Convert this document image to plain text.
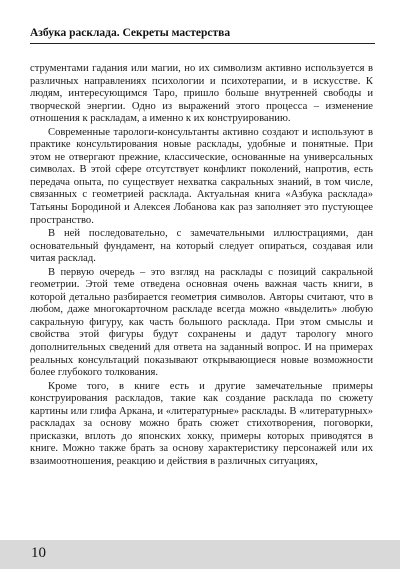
Азбука расклада. Секреты мастерства

струментами гадания или магии, но их символизм активно используется в различных направлениях психологии и психотерапии, и в искусстве. К людям, интересующимся Таро, пришло больше внутренней свободы и творческой энергии. Одно из выражений этого процесса – изменение отношения к раскладам, а именно к их конструированию.

Современные тарологи-консультанты активно создают и используют в практике консультирования новые расклады, удобные и понятные. При этом не отвергают прежние, классические, основанные на универсальных символах. В этой сфере отсутствует конфликт поколений, напротив, есть передача опыта, по существует нехватка сакральных знаний, в том числе, связанных с геометрией расклада. Актуальная книга «Азбука расклада» Татьяны Бородиной и Алексея Лобанова как раз заполняет это пустующее пространство.

В ней последовательно, с замечательными иллюстрациями, дан основательный фундамент, на который следует опираться, создавая или читая расклад.

В первую очередь – это взгляд на расклады с позиций сакральной геометрии. Этой теме отведена основная очень важная часть книги, в которой детально разбирается геометрия символов. Авторы считают, что в любом, даже многокарточном раскладе всегда можно «выделить» любую сакральную фигуру, как часть большого расклада. При этом смыслы и свойства этой фигуры будут сохранены и дадут тарологу много дополнительных сведений для ответа на заданный вопрос. И на примерах реальных консультаций показывают открывающиеся новые возможности более глубокого толкования.

Кроме того, в книге есть и другие замечательные примеры конструирования раскладов, такие как создание расклада по сюжету картины или глифа Аркана, и «литературные» расклады. В «литературных» раскладах за основу можно брать сюжет стихотворения, поговорки, присказки, вплоть до японских хокку, примеры которых приводятся в книге. Можно также брать за основу характеристику персонажей или их взаимоотношения, реакцию и действия в различных ситуациях,

10
